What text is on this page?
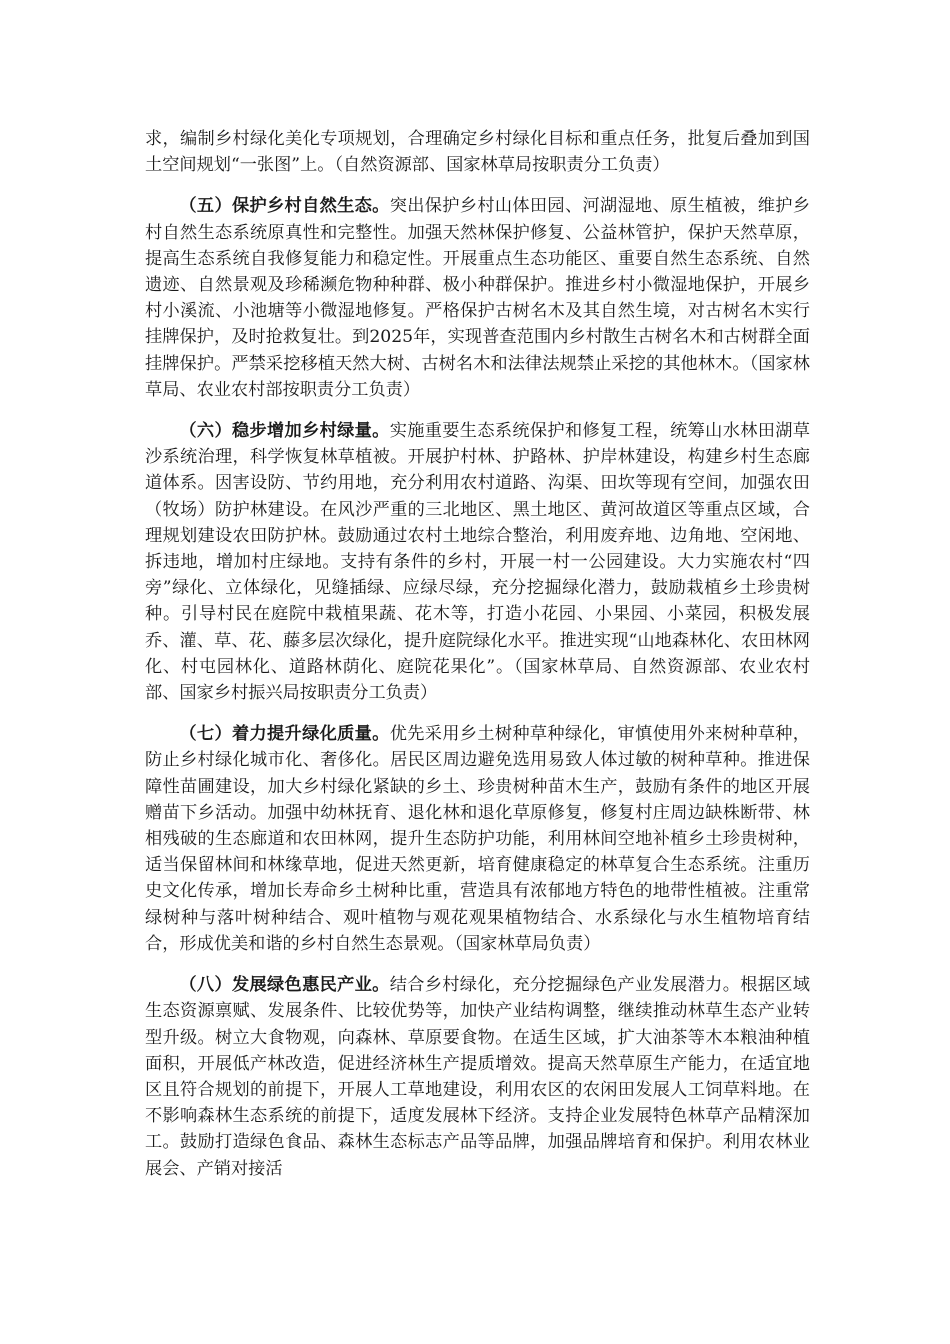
求，编制乡村绿化美化专项规划，合理确定乡村绿化目标和重点任务，批复后叠加到国土空间规划“一张图”上。（自然资源部、国家林草局按职责分工负责）

（五）保护乡村自然生态。突出保护乡村山体田园、河湖湿地、原生植被，维护乡村自然生态系统原真性和完整性。加强天然林保护修复、公益林管护，保护天然草原，提高生态系统自我修复能力和稳定性。开展重点生态功能区、重要自然生态系统、自然遗迹、自然景观及珍稀濒危物种种群、极小种群保护。推进乡村小微湿地保护，开展乡村小溪流、小池塘等小微湿地修复。严格保护古树名木及其自然生境，对古树名木实行挂牌保护，及时抢救复壮。到2025年，实现普查范围内乡村散生古树名木和古树群全面挂牌保护。严禁采挖移植天然大树、古树名木和法律法规禁止采挖的其他林木。（国家林草局、农业农村部按职责分工负责）

（六）稳步增加乡村绿量。实施重要生态系统保护和修复工程，统筹山水林田湖草沙系统治理，科学恢复林草植被。开展护村林、护路林、护岸林建设，构建乡村生态廊道体系。因害设防、节约用地，充分利用农村道路、沟渠、田坎等现有空间，加强农田（牧场）防护林建设。在风沙严重的三北地区、黑土地区、黄河故道区等重点区域，合理规划建设农田防护林。鼓励通过农村土地综合整治，利用废弃地、边角地、空闲地、拆违地，增加村庄绿地。支持有条件的乡村，开展一村一公园建设。大力实施农村“四旁”绿化、立体绿化，见缝插绿、应绿尽绿，充分挖掘绿化潜力，鼓励栽植乡土珍贵树种。引导村民在庭院中栽植果蔬、花木等，打造小花园、小果园、小菜园，积极发展乔、灌、草、花、藤多层次绿化，提升庭院绿化水平。推进实现“山地森林化、农田林网化、村屯园林化、道路林荫化、庭院花果化”。（国家林草局、自然资源部、农业农村部、国家乡村振兴局按职责分工负责）

（七）着力提升绿化质量。优先采用乡土树种草种绿化，审慎使用外来树种草种，防止乡村绿化城市化、奢侈化。居民区周边避免选用易致人体过敏的树种草种。推进保障性苗圃建设，加大乡村绿化紧缺的乡土、珍贵树种苗木生产，鼓励有条件的地区开展赠苗下乡活动。加强中幼林抚育、退化林和退化草原修复，修复村庄周边缺株断带、林相残破的生态廊道和农田林网，提升生态防护功能，利用林间空地补植乡土珍贵树种，适当保留林间和林缘草地，促进天然更新，培育健康稳定的林草复合生态系统。注重历史文化传承，增加长寿命乡土树种比重，营造具有浓郁地方特色的地带性植被。注重常绿树种与落叶树种结合、观叶植物与观花观果植物结合、水系绿化与水生植物培育结合，形成优美和谐的乡村自然生态景观。（国家林草局负责）

（八）发展绿色惠民产业。结合乡村绿化，充分挖掘绿色产业发展潜力。根据区域生态资源禀赋、发展条件、比较优势等，加快产业结构调整，继续推动林草生态产业转型升级。树立大食物观，向森林、草原要食物。在适生区域，扩大油茶等木本粮油种植面积，开展低产林改造，促进经济林生产提质增效。提高天然草原生产能力，在适宜地区且符合规划的前提下，开展人工草地建设，利用农区的农闲田发展人工饲草料地。在不影响森林生态系统的前提下，适度发展林下经济。支持企业发展特色林草产品精深加工。鼓励打造绿色食品、森林生态标志产品等品牌，加强品牌培育和保护。利用农林业展会、产销对接活
